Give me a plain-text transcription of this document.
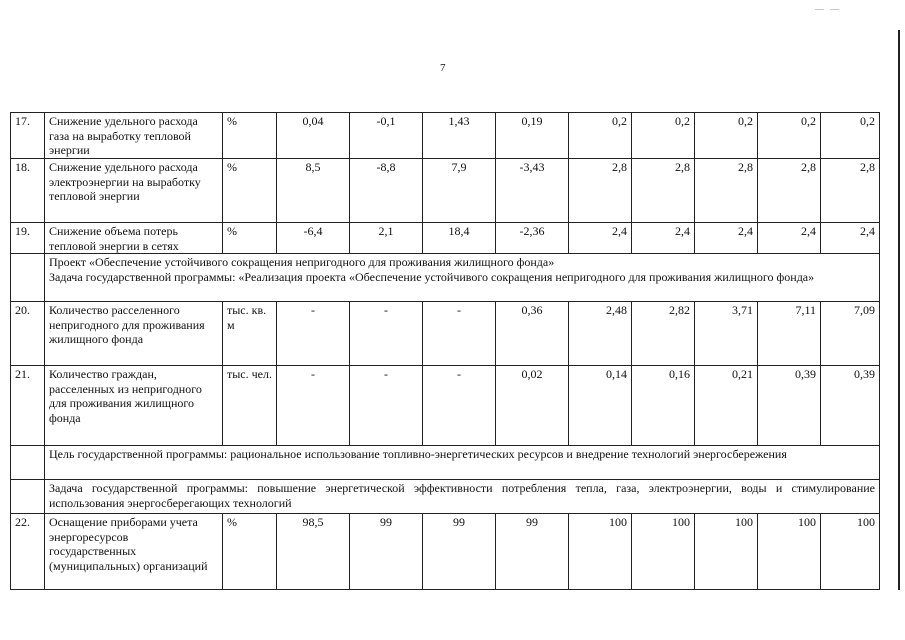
7
— —
17.	Снижение удельного расхода газа на выработку тепловой энергии	%	0,04	-0,1	1,43	0,19	0,2	0,2	0,2	0,2	0,2
18.	Снижение удельного расхода электроэнергии на выработку тепловой энергии	%	8,5	-8,8	7,9	-3,43	2,8	2,8	2,8	2,8	2,8
19.	Снижение объема потерь тепловой энергии в сетях	%	-6,4	2,1	18,4	-2,36	2,4	2,4	2,4	2,4	2,4

	Проект «Обеспечение устойчивого сокращения непригодного для проживания жилищного фонда»
Задача государственной программы: «Реализация проекта «Обеспечение устойчивого сокращения непригодного для проживания жилищного фонда»										

20.	Количество расселенного непригодного для проживания жилищного фонда	тыс. кв. м	-	-	-	0,36	2,48	2,82	3,71	7,11	7,09
21.	Количество граждан, расселенных из непригодного для проживания жилищного фонда	тыс. чел.	-	-	-	0,02	0,14	0,16	0,21	0,39	0,39

	Цель государственной программы: рациональное использование топливно-энергетических ресурсов и внедрение технологий энергосбережения										

	Задача государственной программы: повышение энергетической эффективности потребления тепла, газа, электроэнергии, воды и стимулирование использования энергосберегающих технологий										

22.	Оснащение приборами учета энергоресурсов государственных (муниципальных) организаций	%	98,5	99	99	99	100	100	100	100	100
